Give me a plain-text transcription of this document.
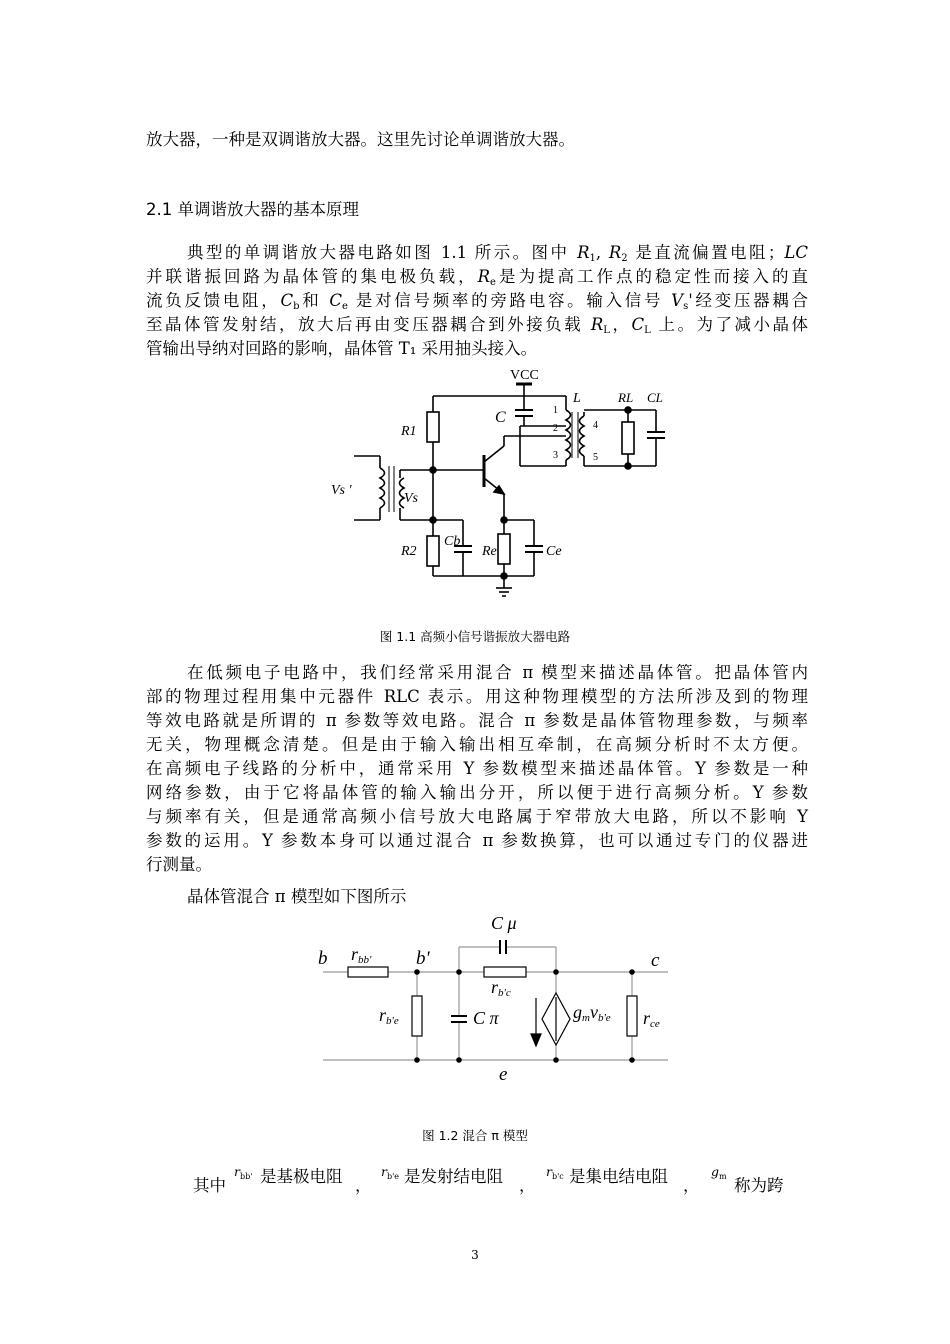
放大器，一种是双调谐放大器。这里先讨论单调谐放大器。

2.1 单调谐放大器的基本原理

典型的单调谐放大器电路如图 1.1 所示。图中 $R_1$, $R_2$ 是直流偏置电阻；LC

并联谐振回路为晶体管的集电极负载，$R_e$是为提高工作点的稳定性而接入的直

流负反馈电阻，$C_b$和 $C_e$ 是对信号频率的旁路电容。输入信号 $V_s'$经变压器耦合

至晶体管发射结，放大后再由变压器耦合到外接负载 $R_L$，$C_L$ 上。为了减小晶体

管输出导纳对回路的影响，晶体管 T₁ 采用抽头接入。

VCC
R1
C
L
1
2
3
4
5
RL CL
Vs ′
Vs
R2
Cb
Re	Ce
图 1.1 高频小信号谐振放大器电路

在低频电子电路中，我们经常采用混合 π 模型来描述晶体管。把晶体管内

部的物理过程用集中元器件 RLC 表示。用这种物理模型的方法所涉及到的物理

等效电路就是所谓的 π 参数等效电路。混合 π 参数是晶体管物理参数，与频率

无关，物理概念清楚。但是由于输入输出相互牵制，在高频分析时不太方便。

在高频电子线路的分析中，通常采用 Y 参数模型来描述晶体管。Y 参数是一种

网络参数，由于它将晶体管的输入输出分开，所以便于进行高频分析。Y 参数

与频率有关，但是通常高频小信号放大电路属于窄带放大电路，所以不影响 Y

参数的运用。Y 参数本身可以通过混合 π 参数换算，也可以通过专门的仪器进

行测量。

晶体管混合 π 模型如下图所示

b	b'	c
e
rbb'
rb'c
rb'e
C μ
C π	gmvb'e rce
图 1.2 混合 π 模型
其中
$r_{bb'}$ 是基极电阻 ，
$r_{b'e}$ 是发射结电阻 ，
$r_{b'c}$ 是集电结电阻 ，
$g_m$ 称为跨
3
